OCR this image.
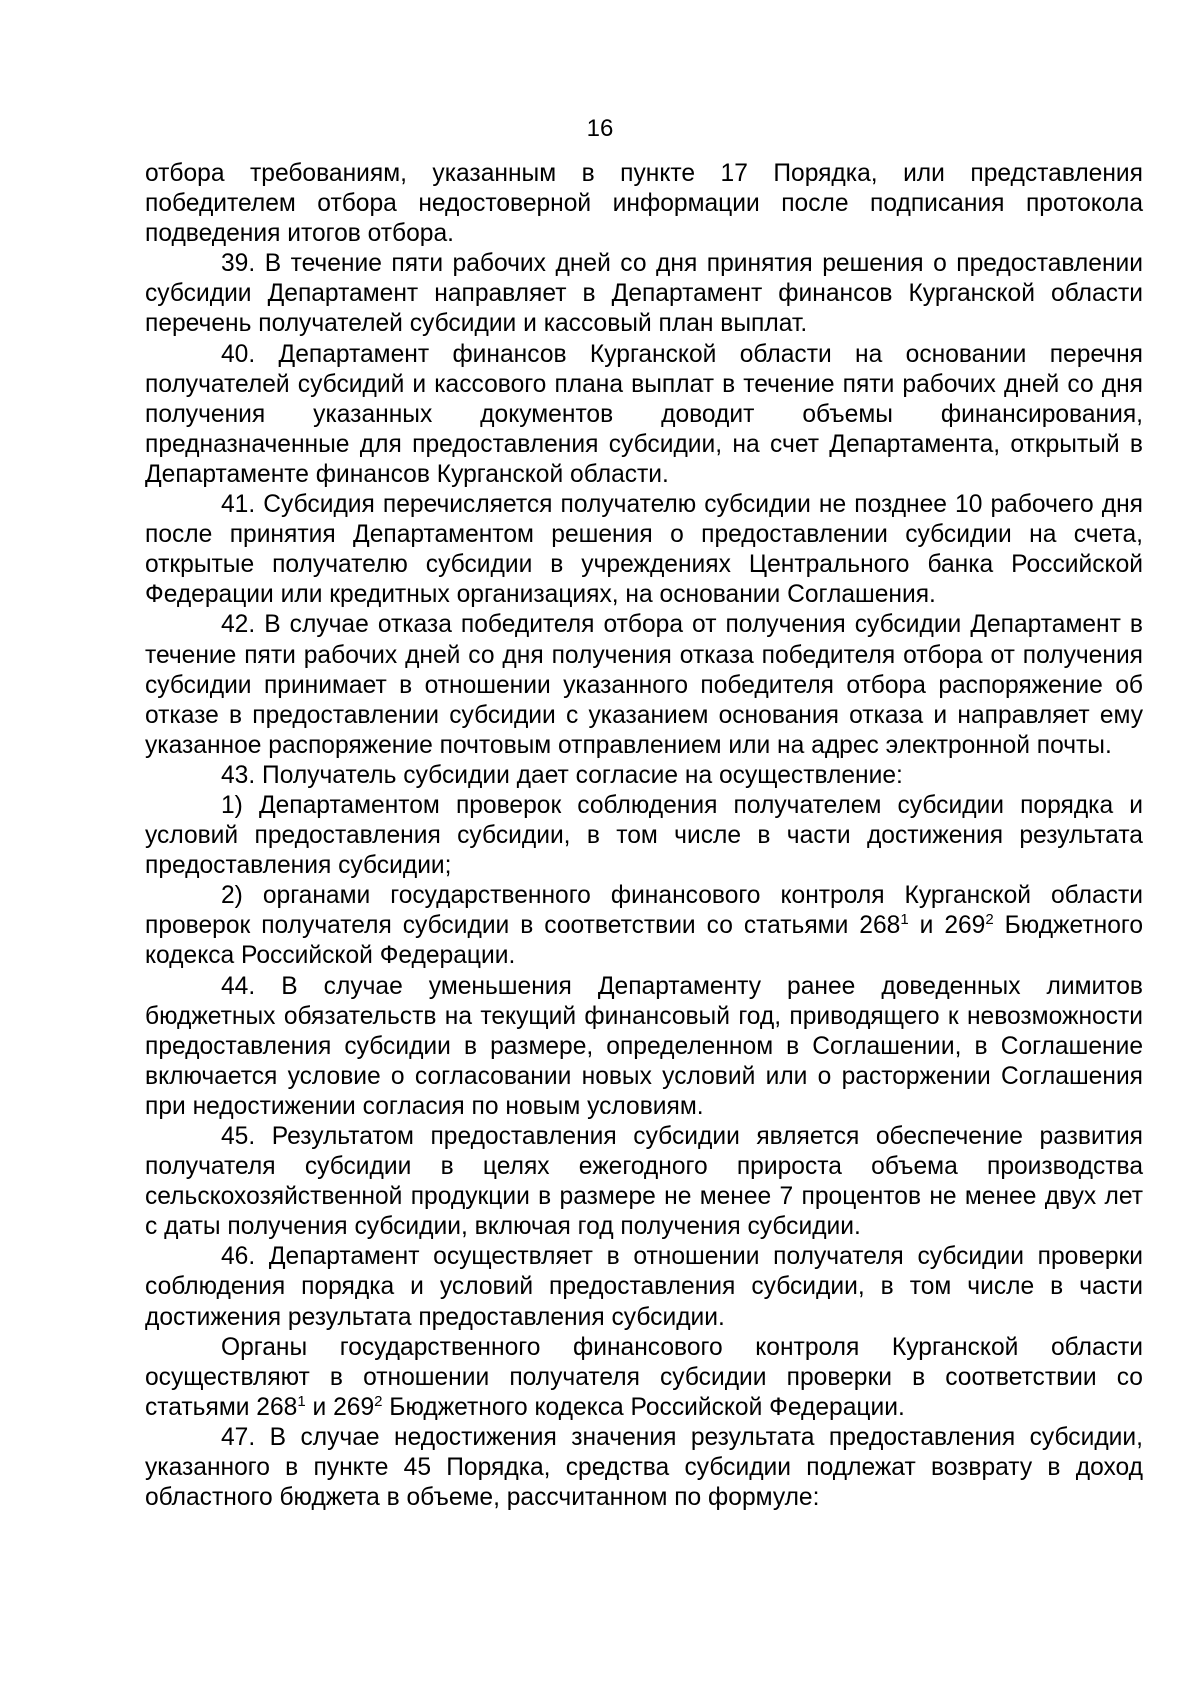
16

отбора требованиям, указанным в пункте 17 Порядка, или представления победителем отбора недостоверной информации после подписания протокола подведения итогов отбора.

39. В течение пяти рабочих дней со дня принятия решения о предоставлении субсидии Департамент направляет в Департамент финансов Курганской области перечень получателей субсидии и кассовый план выплат.

40. Департамент финансов Курганской области на основании перечня получателей субсидий и кассового плана выплат в течение пяти рабочих дней со дня получения указанных документов доводит объемы финансирования, предназначенные для предоставления субсидии, на счет Департамента, открытый в Департаменте финансов Курганской области.

41. Субсидия перечисляется получателю субсидии не позднее 10 рабочего дня после принятия Департаментом решения о предоставлении субсидии на счета, открытые получателю субсидии в учреждениях Центрального банка Российской Федерации или кредитных организациях, на основании Соглашения.

42. В случае отказа победителя отбора от получения субсидии Департамент в течение пяти рабочих дней со дня получения отказа победителя отбора от получения субсидии принимает в отношении указанного победителя отбора распоряжение об отказе в предоставлении субсидии с указанием основания отказа и направляет ему указанное распоряжение почтовым отправлением или на адрес электронной почты.

43. Получатель субсидии дает согласие на осуществление:

1) Департаментом проверок соблюдения получателем субсидии порядка и условий предоставления субсидии, в том числе в части достижения результата предоставления субсидии;

2) органами государственного финансового контроля Курганской области проверок получателя субсидии в соответствии со статьями $268^1$ и $269^2$ Бюджетного кодекса Российской Федерации.

44. В случае уменьшения Департаменту ранее доведенных лимитов бюджетных обязательств на текущий финансовый год, приводящего к невозможности предоставления субсидии в размере, определенном в Соглашении, в Соглашение включается условие о согласовании новых условий или о расторжении Соглашения при недостижении согласия по новым условиям.

45. Результатом предоставления субсидии является обеспечение развития получателя субсидии в целях ежегодного прироста объема производства сельскохозяйственной продукции в размере не менее 7 процентов не менее двух лет с даты получения субсидии, включая год получения субсидии.

46. Департамент осуществляет в отношении получателя субсидии проверки соблюдения порядка и условий предоставления субсидии, в том числе в части достижения результата предоставления субсидии.

Органы государственного финансового контроля Курганской области осуществляют в отношении получателя субсидии проверки в соответствии со статьями $268^1$ и $269^2$ Бюджетного кодекса Российской Федерации.

47. В случае недостижения значения результата предоставления субсидии, указанного в пункте 45 Порядка, средства субсидии подлежат возврату в доход областного бюджета в объеме, рассчитанном по формуле:
